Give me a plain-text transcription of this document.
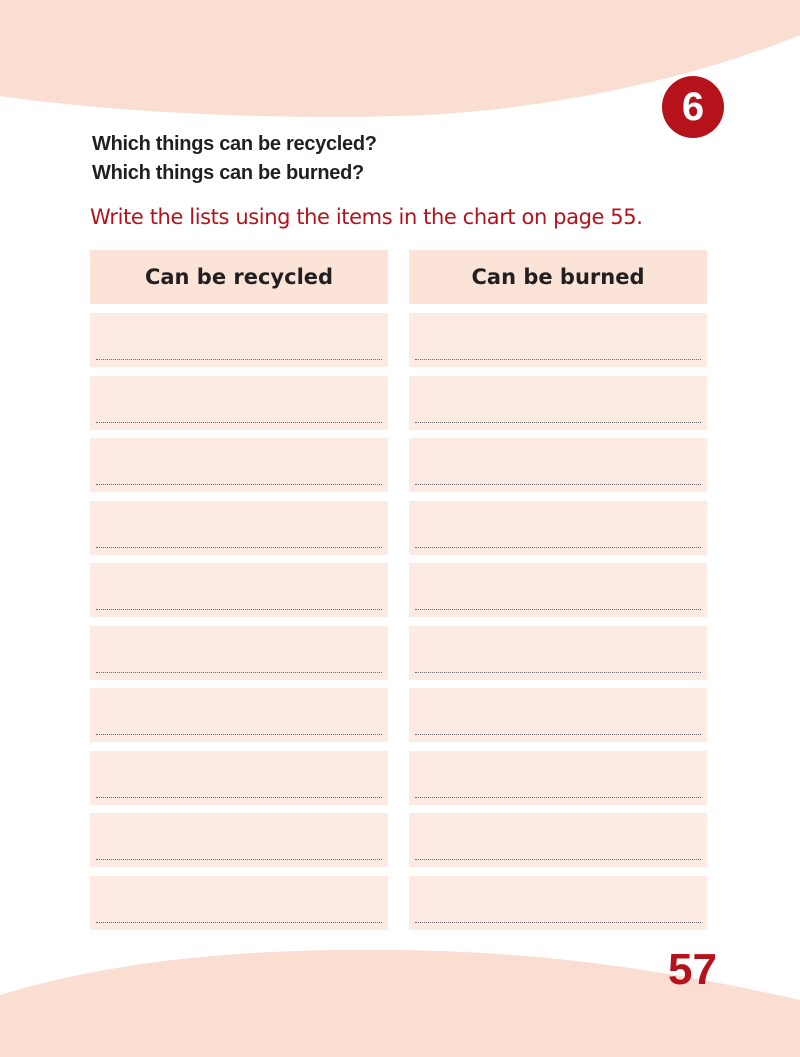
6
Which things can be recycled?
Which things can be burned?
Write the lists using the items in the chart on page 55.
Can be recycled	Can be burned
57
